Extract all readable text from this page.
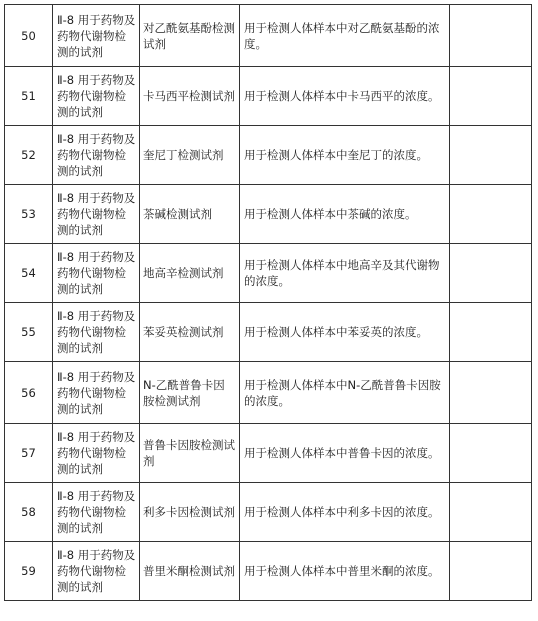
50	Ⅱ-8 用于药物及药物代谢物检测的试剂	对乙酰氨基酚检测试剂	用于检测人体样本中对乙酰氨基酚的浓度。	
51	Ⅱ-8 用于药物及药物代谢物检测的试剂	卡马西平检测试剂	用于检测人体样本中卡马西平的浓度。	
52	Ⅱ-8 用于药物及药物代谢物检测的试剂	奎尼丁检测试剂	用于检测人体样本中奎尼丁的浓度。	
53	Ⅱ-8 用于药物及药物代谢物检测的试剂	茶碱检测试剂	用于检测人体样本中茶碱的浓度。	
54	Ⅱ-8 用于药物及药物代谢物检测的试剂	地高辛检测试剂	用于检测人体样本中地高辛及其代谢物的浓度。	
55	Ⅱ-8 用于药物及药物代谢物检测的试剂	苯妥英检测试剂	用于检测人体样本中苯妥英的浓度。	
56	Ⅱ-8 用于药物及药物代谢物检测的试剂	N-乙酰普鲁卡因胺检测试剂	用于检测人体样本中N-乙酰普鲁卡因胺的浓度。	
57	Ⅱ-8 用于药物及药物代谢物检测的试剂	普鲁卡因胺检测试剂	用于检测人体样本中普鲁卡因的浓度。	
58	Ⅱ-8 用于药物及药物代谢物检测的试剂	利多卡因检测试剂	用于检测人体样本中利多卡因的浓度。	
59	Ⅱ-8 用于药物及药物代谢物检测的试剂	普里米酮检测试剂	用于检测人体样本中普里米酮的浓度。	
